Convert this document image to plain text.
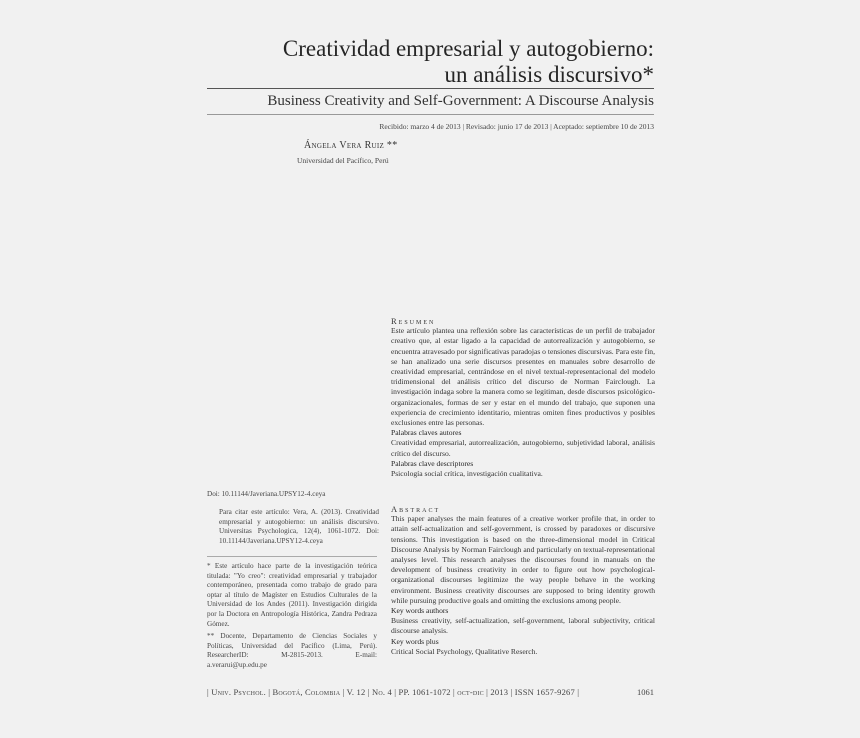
Creatividad empresarial y autogobierno:
un análisis discursivo*
Business Creativity and Self-Government: A Discourse Analysis
Recibido: marzo 4 de 2013 | Revisado: junio 17 de 2013 | Aceptado: septiembre 10 de 2013
Ángela Vera Ruiz **
Universidad del Pacífico, Perú
Resumen
Este artículo plantea una reflexión sobre las características de un perfil de trabajador creativo que, al estar ligado a la capacidad de autorrealización y autogobierno, se encuentra atravesado por significativas paradojas o tensiones discursivas. Para este fin, se han analizado una serie discursos presentes en manuales sobre desarrollo de creatividad empresarial, centrándose en el nivel textual-representacional del modelo tridimensional del análisis crítico del discurso de Norman Fairclough. La investigación indaga sobre la manera como se legitiman, desde discursos psicológico-organizacionales, formas de ser y estar en el mundo del trabajo, que suponen una experiencia de crecimiento identitario, mientras omiten fines productivos y posibles exclusiones entre las personas.
Palabras claves autores
Creatividad empresarial, autorrealización, autogobierno, subjetividad laboral, análisis crítico del discurso.
Palabras clave descriptores
Psicología social crítica, investigación cualitativa.
Abstract
This paper analyses the main features of a creative worker profile that, in order to attain self-actualization and self-government, is crossed by paradoxes or discursive tensions. This investigation is based on the three-dimensional model in Critical Discourse Analysis by Norman Fairclough and particularly on textual-representational analyses level. This research analyses the discourses found in manuals on the development of business creativity in order to figure out how psychological-organizational discourses legitimize the way people behave in the working environment. Business creativity discourses are supposed to bring identity growth while pursuing productive goals and omitting the exclusions among people.
Key words authors
Business creativity, self-actualization, self-government, laboral subjectivity, critical discourse analysis.
Key words plus
Critical Social Psychology, Qualitative Reserch.
Doi: 10.11144/Javeriana.UPSY12-4.ceya
Para citar este artículo: Vera, A. (2013). Creatividad empresarial y autogobierno: un análisis discursivo. Universitas Psychologica, 12(4), 1061-1072. Doi: 10.11144/Javeriana.UPSY12-4.ceya
* Este artículo hace parte de la investigación teórica titulada: "Yo creo": creatividad empresarial y trabajador contemporáneo, presentada como trabajo de grado para optar al título de Magíster en Estudios Culturales de la Universidad de los Andes (2011). Investigación dirigida por la Doctora en Antropología Histórica, Zandra Pedraza Gómez.
** Docente, Departamento de Ciencias Sociales y Políticas, Universidad del Pacífico (Lima, Perú). ResearcherID: M-2815-2013. E-mail: a.verarui@up.edu.pe
| Univ. Psychol. | Bogotá, Colombia | V. 12 | No. 4 | PP. 1061-1072 | oct-dic | 2013 | ISSN 1657-9267 |	1061
